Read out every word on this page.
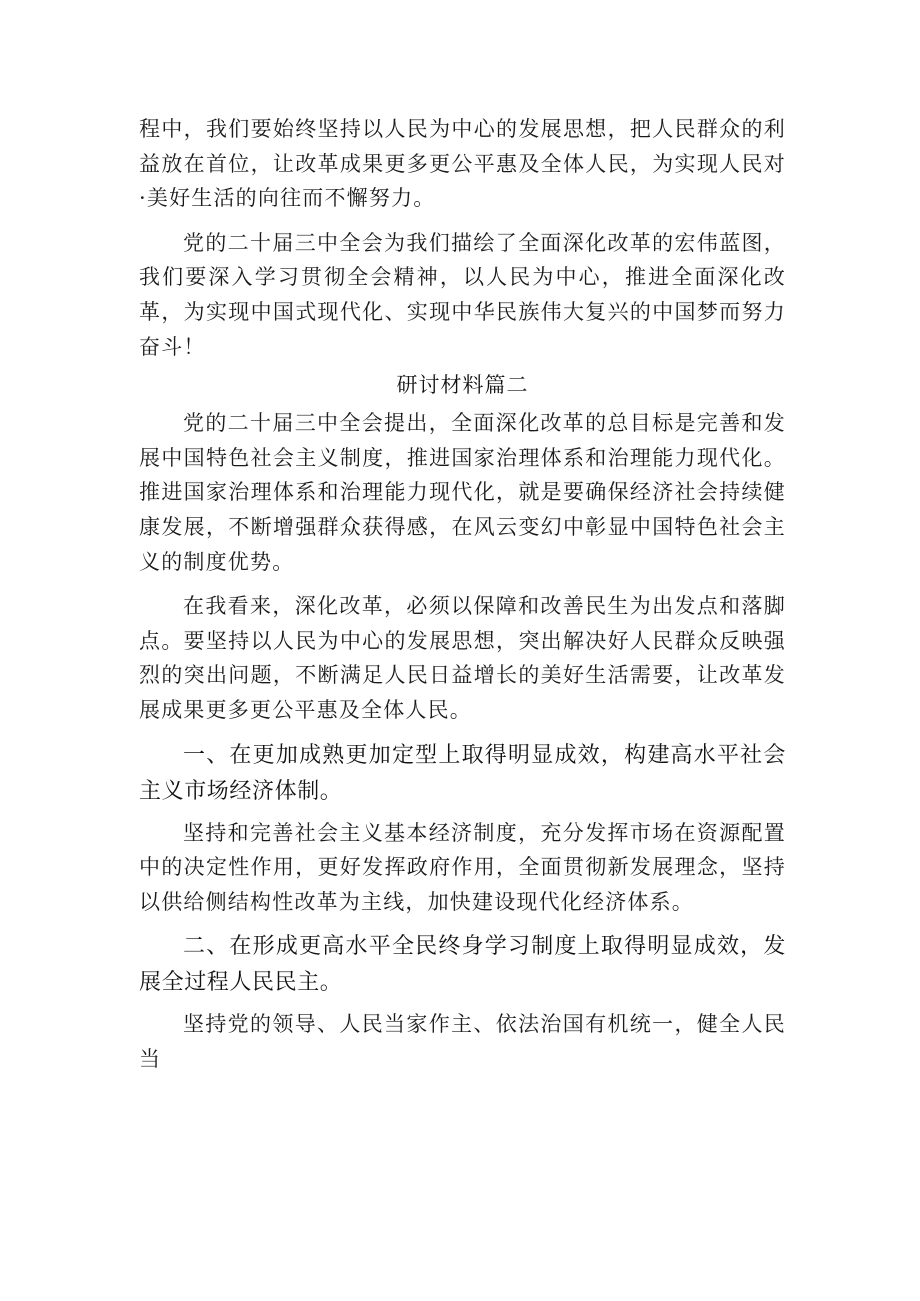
程中，我们要始终坚持以人民为中心的发展思想，把人民群众的利益放在首位，让改革成果更多更公平惠及全体人民，为实现人民对·美好生活的向往而不懈努力。

党的二十届三中全会为我们描绘了全面深化改革的宏伟蓝图，我们要深入学习贯彻全会精神，以人民为中心，推进全面深化改革，为实现中国式现代化、实现中华民族伟大复兴的中国梦而努力奋斗！

研讨材料篇二

党的二十届三中全会提出，全面深化改革的总目标是完善和发展中国特色社会主义制度，推进国家治理体系和治理能力现代化。推进国家治理体系和治理能力现代化，就是要确保经济社会持续健康发展，不断增强群众获得感，在风云变幻中彰显中国特色社会主义的制度优势。

在我看来，深化改革，必须以保障和改善民生为出发点和落脚点。要坚持以人民为中心的发展思想，突出解决好人民群众反映强烈的突出问题，不断满足人民日益增长的美好生活需要，让改革发展成果更多更公平惠及全体人民。

一、在更加成熟更加定型上取得明显成效，构建高水平社会主义市场经济体制。

坚持和完善社会主义基本经济制度，充分发挥市场在资源配置中的决定性作用，更好发挥政府作用，全面贯彻新发展理念，坚持以供给侧结构性改革为主线，加快建设现代化经济体系。

二、在形成更高水平全民终身学习制度上取得明显成效，发展全过程人民民主。

坚持党的领导、人民当家作主、依法治国有机统一，健全人民当
